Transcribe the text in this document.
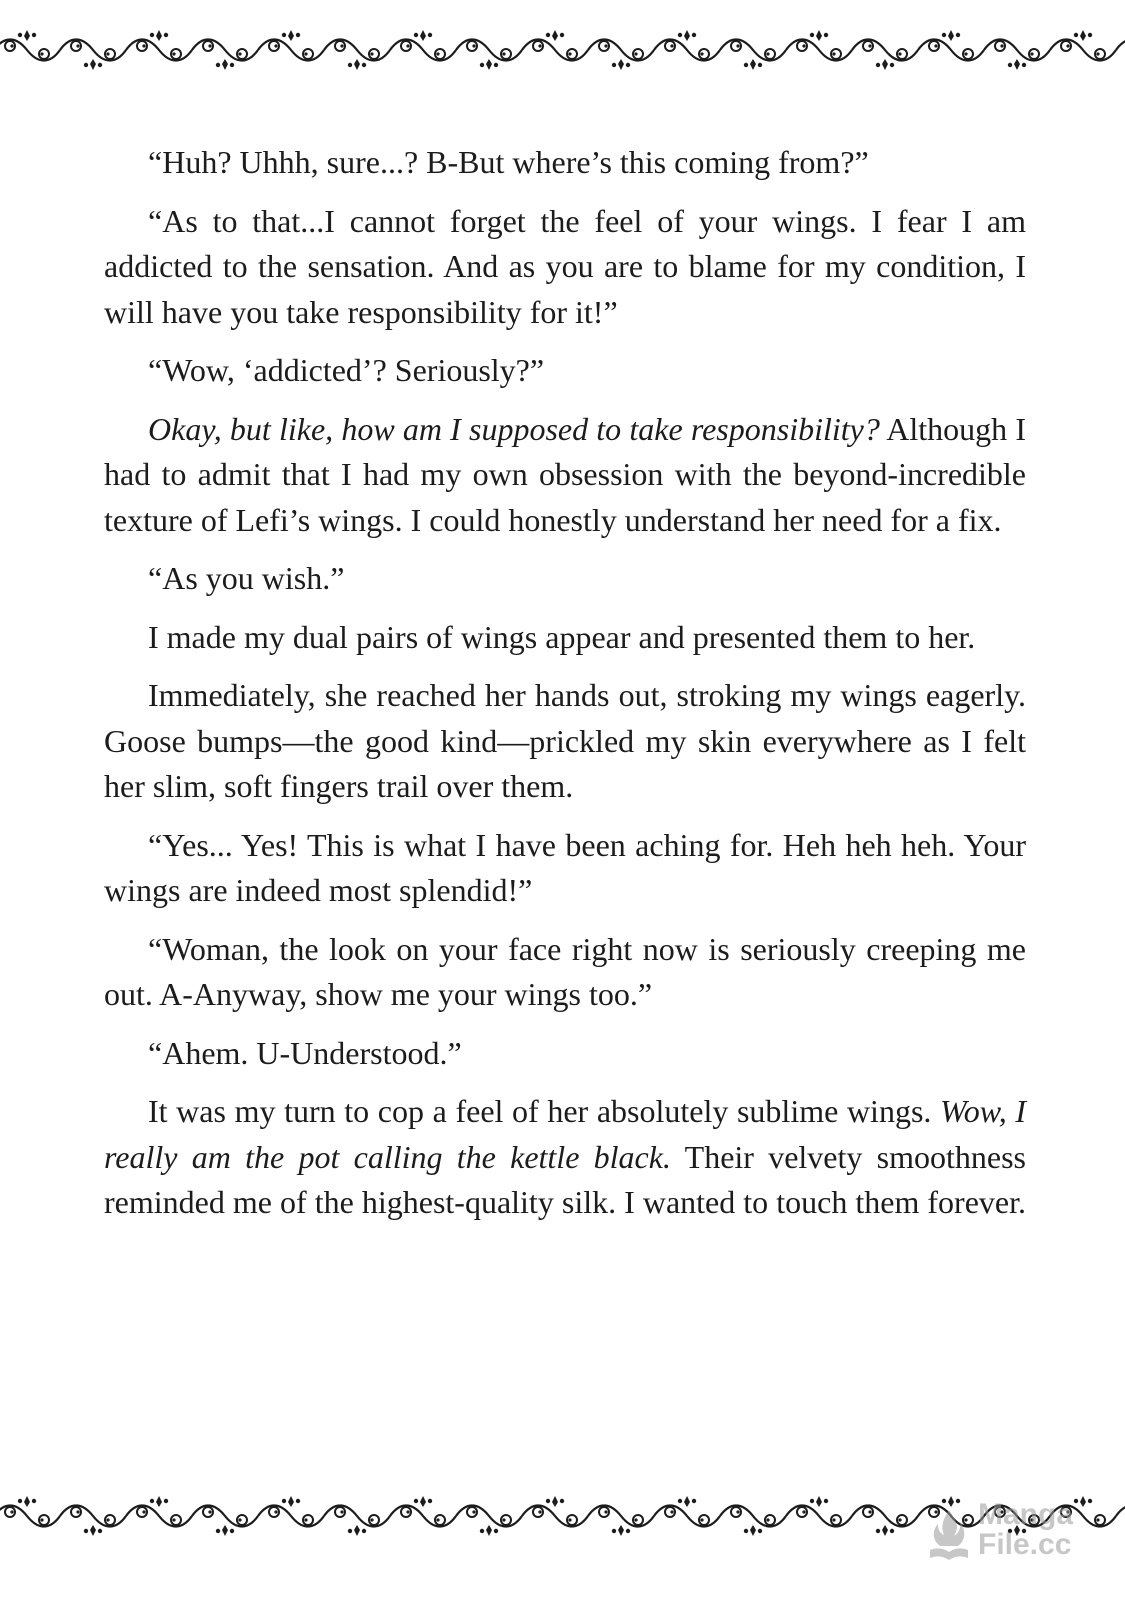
“Huh? Uhhh, sure...? B-But where’s this coming from?”

“As to that...I cannot forget the feel of your wings. I fear I am addicted to the sensation. And as you are to blame for my condition, I will have you take responsibility for it!”

“Wow, ‘addicted’? Seriously?”

Okay, but like, how am I supposed to take responsibility? Although I had to admit that I had my own obsession with the beyond-incredible texture of Lefi’s wings. I could honestly understand her need for a fix.

“As you wish.”

I made my dual pairs of wings appear and presented them to her.

Immediately, she reached her hands out, stroking my wings eagerly. Goose bumps—the good kind—prickled my skin everywhere as I felt her slim, soft fingers trail over them.

“Yes... Yes! This is what I have been aching for. Heh heh heh. Your wings are indeed most splendid!”

“Woman, the look on your face right now is seriously creeping me out. A-Anyway, show me your wings too.”

“Ahem. U-Understood.”

It was my turn to cop a feel of her absolutely sublime wings. Wow, I really am the pot calling the kettle black. Their velvety smoothness reminded me of the highest-quality silk. I wanted to touch them forever.

Manga
File.cc
